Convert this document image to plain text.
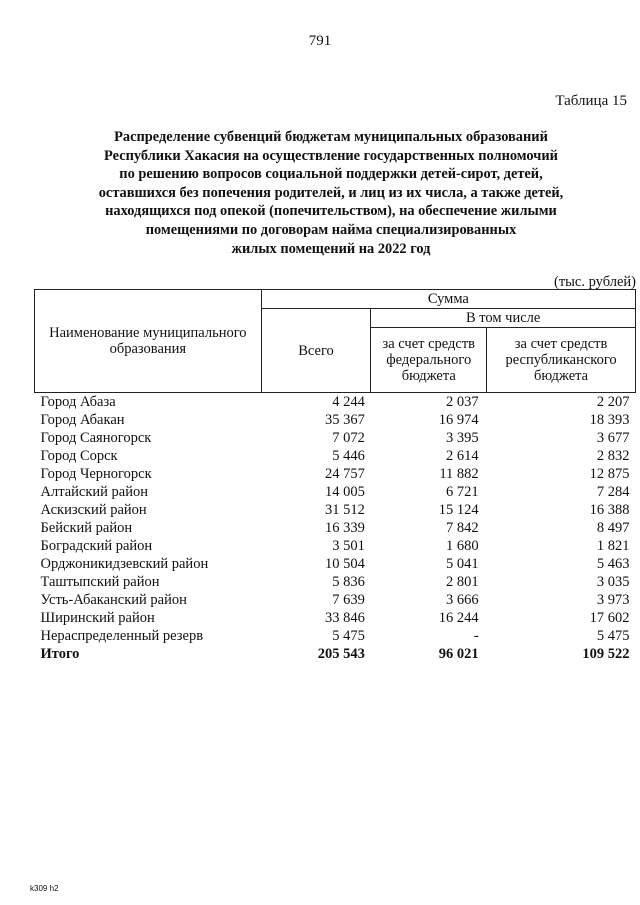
791
Таблица 15
Распределение субвенций бюджетам муниципальных образований
Республики Хакасия на осуществление государственных полномочий
по решению вопросов социальной поддержки детей-сирот, детей,
оставшихся без попечения родителей, и лиц из их числа, а также детей,
находящихся под опекой (попечительством), на обеспечение жилыми
помещениями по договорам найма специализированных
жилых помещений на 2022 год
(тыс. рублей)
Наименование муниципального образования	Сумма		
	Всего	В том числе	
		за счет средств федерального бюджета	за счет средств республиканского бюджета
Город Абаза	4 244	2 037	2 207
Город Абакан	35 367	16 974	18 393
Город Саяногорск	7 072	3 395	3 677
Город Сорск	5 446	2 614	2 832
Город Черногорск	24 757	11 882	12 875
Алтайский район	14 005	6 721	7 284
Аскизский район	31 512	15 124	16 388
Бейский район	16 339	7 842	8 497
Боградский район	3 501	1 680	1 821
Орджоникидзевский район	10 504	5 041	5 463
Таштыпский район	5 836	2 801	3 035
Усть-Абаканский район	7 639	3 666	3 973
Ширинский район	33 846	16 244	17 602
Нераспределенный резерв	5 475	-	5 475
Итого	205 543	96 021	109 522
k309 h2
